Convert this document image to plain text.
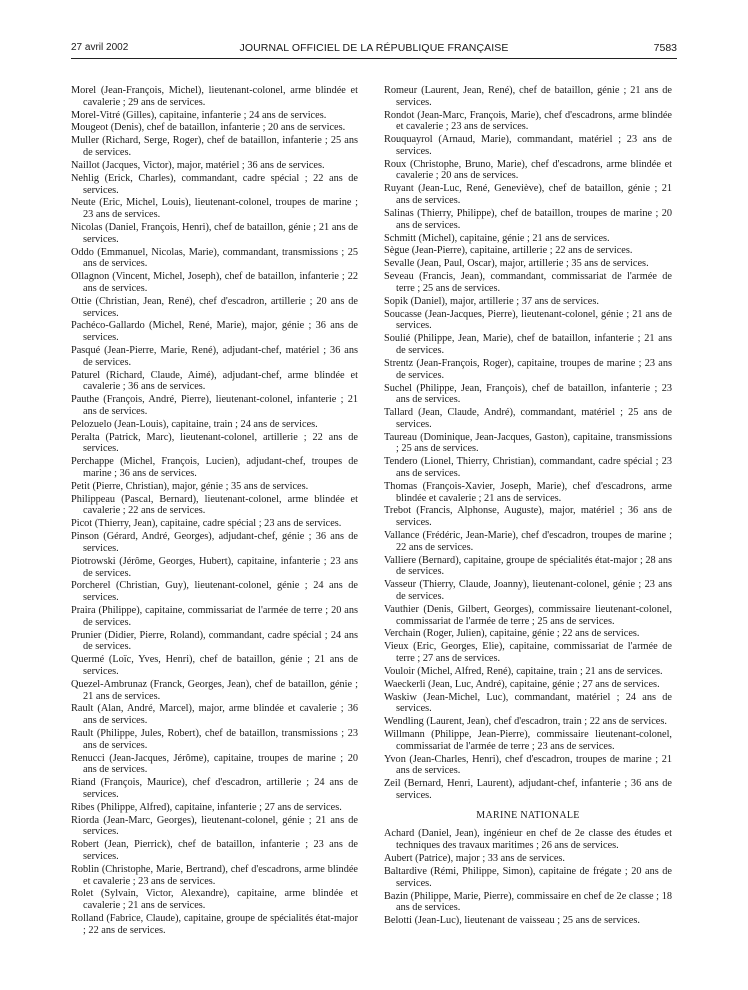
27 avril 2002	JOURNAL OFFICIEL DE LA RÉPUBLIQUE FRANÇAISE	7583
Morel (Jean-François, Michel), lieutenant-colonel, arme blindée et cavalerie ; 29 ans de services.
Morel-Vitré (Gilles), capitaine, infanterie ; 24 ans de services.
Mougeot (Denis), chef de bataillon, infanterie ; 20 ans de services.
Muller (Richard, Serge, Roger), chef de bataillon, infanterie ; 25 ans de services.
Naillot (Jacques, Victor), major, matériel ; 36 ans de services.
Nehlig (Erick, Charles), commandant, cadre spécial ; 22 ans de services.
Neute (Eric, Michel, Louis), lieutenant-colonel, troupes de marine ; 23 ans de services.
Nicolas (Daniel, François, Henri), chef de bataillon, génie ; 21 ans de services.
Oddo (Emmanuel, Nicolas, Marie), commandant, transmissions ; 25 ans de services.
Ollagnon (Vincent, Michel, Joseph), chef de bataillon, infanterie ; 22 ans de services.
Ottie (Christian, Jean, René), chef d'escadron, artillerie ; 20 ans de services.
Pachéco-Gallardo (Michel, René, Marie), major, génie ; 36 ans de services.
Pasqué (Jean-Pierre, Marie, René), adjudant-chef, matériel ; 36 ans de services.
Paturel (Richard, Claude, Aimé), adjudant-chef, arme blindée et cavalerie ; 36 ans de services.
Pauthe (François, André, Pierre), lieutenant-colonel, infanterie ; 21 ans de services.
Pelozuelo (Jean-Louis), capitaine, train ; 24 ans de services.
Peralta (Patrick, Marc), lieutenant-colonel, artillerie ; 22 ans de services.
Perchappe (Michel, François, Lucien), adjudant-chef, troupes de marine ; 36 ans de services.
Petit (Pierre, Christian), major, génie ; 35 ans de services.
Philippeau (Pascal, Bernard), lieutenant-colonel, arme blindée et cavalerie ; 22 ans de services.
Picot (Thierry, Jean), capitaine, cadre spécial ; 23 ans de services.
Pinson (Gérard, André, Georges), adjudant-chef, génie ; 36 ans de services.
Piotrowski (Jérôme, Georges, Hubert), capitaine, infanterie ; 23 ans de services.
Porcherel (Christian, Guy), lieutenant-colonel, génie ; 24 ans de services.
Praira (Philippe), capitaine, commissariat de l'armée de terre ; 20 ans de services.
Prunier (Didier, Pierre, Roland), commandant, cadre spécial ; 24 ans de services.
Quermé (Loïc, Yves, Henri), chef de bataillon, génie ; 21 ans de services.
Quezel-Ambrunaz (Franck, Georges, Jean), chef de bataillon, génie ; 21 ans de services.
Rault (Alan, André, Marcel), major, arme blindée et cavalerie ; 36 ans de services.
Rault (Philippe, Jules, Robert), chef de bataillon, transmissions ; 23 ans de services.
Renucci (Jean-Jacques, Jérôme), capitaine, troupes de marine ; 20 ans de services.
Riand (François, Maurice), chef d'escadron, artillerie ; 24 ans de services.
Ribes (Philippe, Alfred), capitaine, infanterie ; 27 ans de services.
Riorda (Jean-Marc, Georges), lieutenant-colonel, génie ; 21 ans de services.
Robert (Jean, Pierrick), chef de bataillon, infanterie ; 23 ans de services.
Roblin (Christophe, Marie, Bertrand), chef d'escadrons, arme blindée et cavalerie ; 23 ans de services.
Rolet (Sylvain, Victor, Alexandre), capitaine, arme blindée et cavalerie ; 21 ans de services.
Rolland (Fabrice, Claude), capitaine, groupe de spécialités état-major ; 22 ans de services.
Romeur (Laurent, Jean, René), chef de bataillon, génie ; 21 ans de services.
Rondot (Jean-Marc, François, Marie), chef d'escadrons, arme blindée et cavalerie ; 23 ans de services.
Rouquayrol (Arnaud, Marie), commandant, matériel ; 23 ans de services.
Roux (Christophe, Bruno, Marie), chef d'escadrons, arme blindée et cavalerie ; 20 ans de services.
Ruyant (Jean-Luc, René, Geneviève), chef de bataillon, génie ; 21 ans de services.
Salinas (Thierry, Philippe), chef de bataillon, troupes de marine ; 20 ans de services.
Schmitt (Michel), capitaine, génie ; 21 ans de services.
Sègue (Jean-Pierre), capitaine, artillerie ; 22 ans de services.
Sevalle (Jean, Paul, Oscar), major, artillerie ; 35 ans de services.
Seveau (Francis, Jean), commandant, commissariat de l'armée de terre ; 25 ans de services.
Sopik (Daniel), major, artillerie ; 37 ans de services.
Soucasse (Jean-Jacques, Pierre), lieutenant-colonel, génie ; 21 ans de services.
Soulié (Philippe, Jean, Marie), chef de bataillon, infanterie ; 21 ans de services.
Strentz (Jean-François, Roger), capitaine, troupes de marine ; 23 ans de services.
Suchel (Philippe, Jean, François), chef de bataillon, infanterie ; 23 ans de services.
Tallard (Jean, Claude, André), commandant, matériel ; 25 ans de services.
Taureau (Dominique, Jean-Jacques, Gaston), capitaine, transmissions ; 25 ans de services.
Tendero (Lionel, Thierry, Christian), commandant, cadre spécial ; 23 ans de services.
Thomas (François-Xavier, Joseph, Marie), chef d'escadrons, arme blindée et cavalerie ; 21 ans de services.
Trebot (Francis, Alphonse, Auguste), major, matériel ; 36 ans de services.
Vallance (Frédéric, Jean-Marie), chef d'escadron, troupes de marine ; 22 ans de services.
Valliere (Bernard), capitaine, groupe de spécialités état-major ; 28 ans de services.
Vasseur (Thierry, Claude, Joanny), lieutenant-colonel, génie ; 23 ans de services.
Vauthier (Denis, Gilbert, Georges), commissaire lieutenant-colonel, commissariat de l'armée de terre ; 25 ans de services.
Verchain (Roger, Julien), capitaine, génie ; 22 ans de services.
Vieux (Eric, Georges, Elie), capitaine, commissariat de l'armée de terre ; 27 ans de services.
Vouloir (Michel, Alfred, René), capitaine, train ; 21 ans de services.
Waeckerli (Jean, Luc, André), capitaine, génie ; 27 ans de services.
Waskiw (Jean-Michel, Luc), commandant, matériel ; 24 ans de services.
Wendling (Laurent, Jean), chef d'escadron, train ; 22 ans de services.
Willmann (Philippe, Jean-Pierre), commissaire lieutenant-colonel, commissariat de l'armée de terre ; 23 ans de services.
Yvon (Jean-Charles, Henri), chef d'escadron, troupes de marine ; 21 ans de services.
Zeil (Bernard, Henri, Laurent), adjudant-chef, infanterie ; 36 ans de services.
MARINE NATIONALE
Achard (Daniel, Jean), ingénieur en chef de 2e classe des études et techniques des travaux maritimes ; 26 ans de services.
Aubert (Patrice), major ; 33 ans de services.
Baltardive (Rémi, Philippe, Simon), capitaine de frégate ; 20 ans de services.
Bazin (Philippe, Marie, Pierre), commissaire en chef de 2e classe ; 18 ans de services.
Belotti (Jean-Luc), lieutenant de vaisseau ; 25 ans de services.
